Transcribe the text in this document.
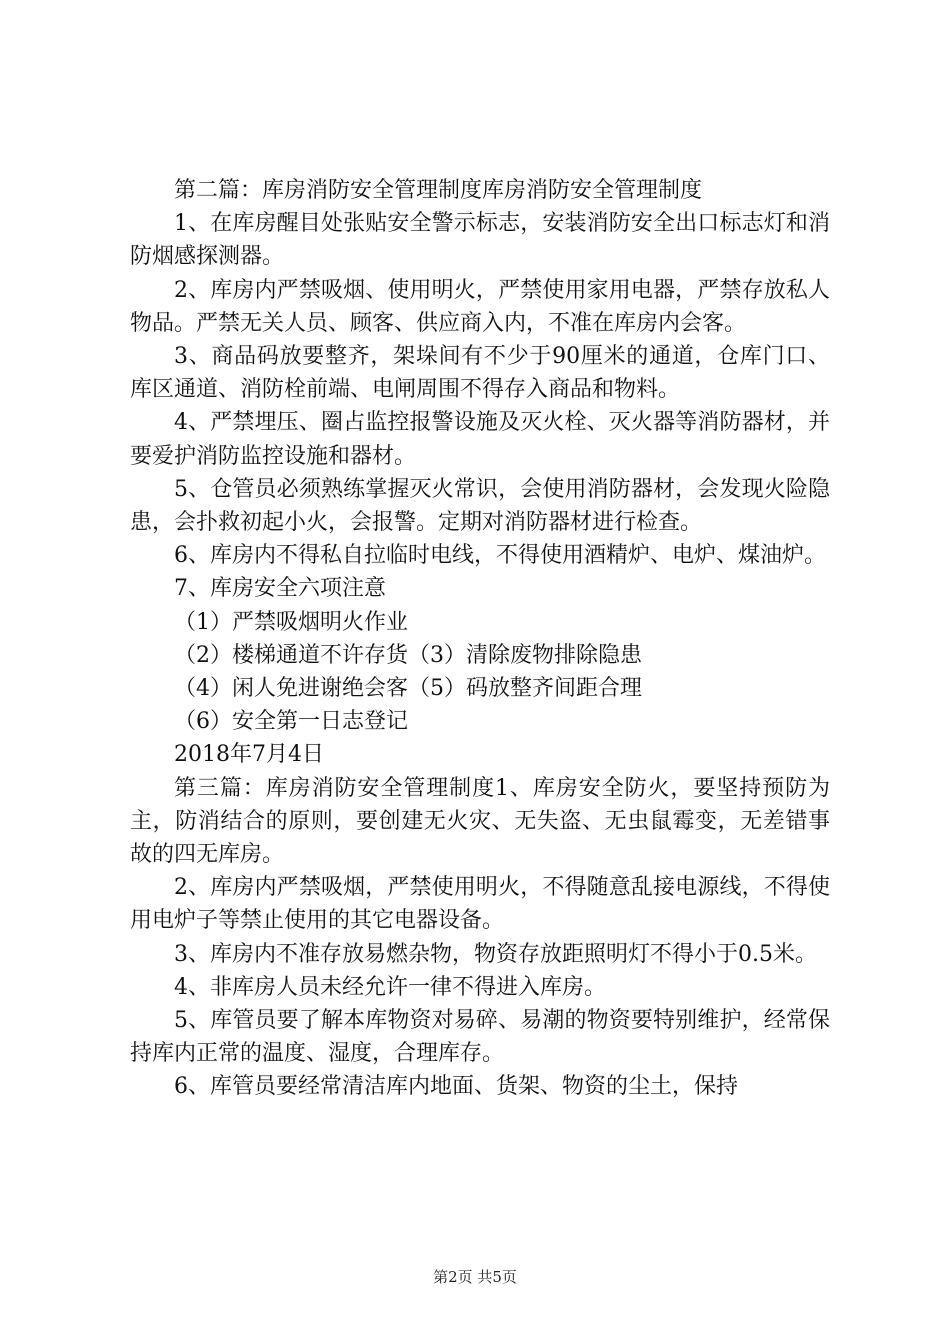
第二篇：库房消防安全管理制度库房消防安全管理制度

1、在库房醒目处张贴安全警示标志，安装消防安全出口标志灯和消防烟感探测器。

2、库房内严禁吸烟、使用明火，严禁使用家用电器，严禁存放私人物品。严禁无关人员、顾客、供应商入内，不准在库房内会客。

3、商品码放要整齐，架垛间有不少于90厘米的通道，仓库门口、库区通道、消防栓前端、电闸周围不得存入商品和物料。

4、严禁埋压、圈占监控报警设施及灭火栓、灭火器等消防器材，并要爱护消防监控设施和器材。

5、仓管员必须熟练掌握灭火常识，会使用消防器材，会发现火险隐患，会扑救初起小火，会报警。定期对消防器材进行检查。

6、库房内不得私自拉临时电线，不得使用酒精炉、电炉、煤油炉。

7、库房安全六项注意

（1）严禁吸烟明火作业

（2）楼梯通道不许存货（3）清除废物排除隐患

（4）闲人免进谢绝会客（5）码放整齐间距合理

（6）安全第一日志登记

2018年7月4日

第三篇：库房消防安全管理制度1、库房安全防火，要坚持预防为主，防消结合的原则，要创建无火灾、无失盗、无虫鼠霉变，无差错事故的四无库房。

2、库房内严禁吸烟，严禁使用明火，不得随意乱接电源线，不得使用电炉子等禁止使用的其它电器设备。

3、库房内不准存放易燃杂物，物资存放距照明灯不得小于0.5米。

4、非库房人员未经允许一律不得进入库房。

5、库管员要了解本库物资对易碎、易潮的物资要特别维护，经常保持库内正常的温度、湿度，合理库存。

6、库管员要经常清洁库内地面、货架、物资的尘土，保持

第2页 共5页
